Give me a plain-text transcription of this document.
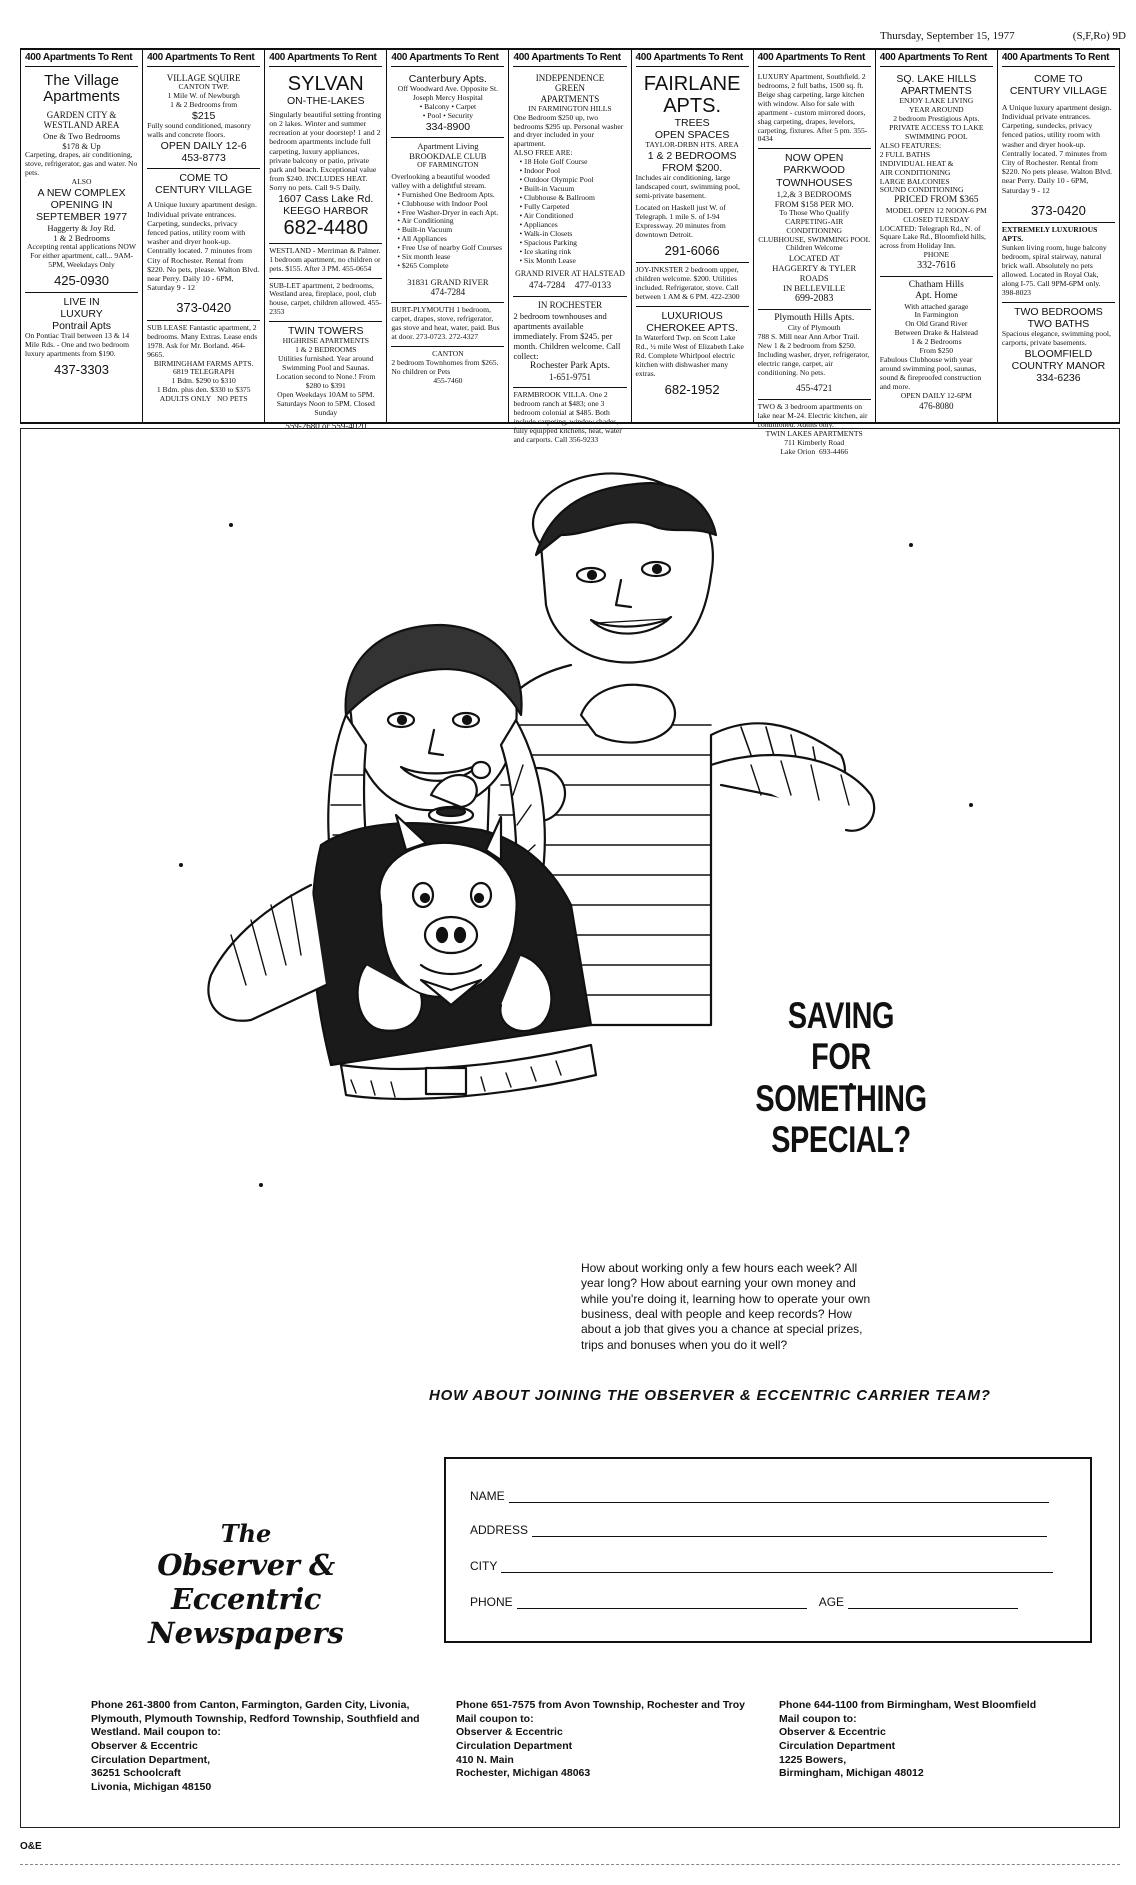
Thursday, September 15, 1977	(S,F,Ro) 9D
400 Apartments To Rent
The Village
Apartments
GARDEN CITY &
WESTLAND AREA
One & Two Bedrooms
$178 & Up
Carpeting, drapes, air conditioning, stove, refrigerator, gas and water. No pets.
ALSO
A NEW COMPLEX
OPENING IN
SEPTEMBER 1977
Haggerty & Joy Rd.
1 & 2 Bedrooms
Accepting rental applications NOW
For either apartment, call... 9AM-5PM, Weekdays Only
425-0930
LIVE IN
LUXURY
Pontrail Apts
On Pontiac Trail between 13 & 14 Mile Rds. - One and two bedroom luxury apartments from $190.
437-3303
400 Apartments To Rent
VILLAGE SQUIRE
CANTON TWP.
1 Mile W. of Newburgh
1 & 2 Bedrooms from
$215
Fully sound conditioned, masonry walls and concrete floors.
OPEN DAILY 12-6
453-8773
COME TO
CENTURY VILLAGE
A Unique luxury apartment design. Individual private entrances. Carpeting, sundecks, privacy fenced patios, utility room with washer and dryer hook-up.
Centrally located. 7 minutes from City of Rochester. Rental from $220. No pets, please. Walton Blvd. near Perry. Daily 10 - 6PM, Saturday 9 - 12
373-0420
SUB LEASE Fantastic apartment, 2 bedrooms. Many Extras. Lease ends 1978. Ask for Mr. Borland. 464-9665.
BIRMINGHAM FARMS APTS.
6819 TELEGRAPH
1 Bdm. $290 to $310
1 Bdm. plus den. $330 to $375
ADULTS ONLY NO PETS
400 Apartments To Rent
SYLVAN
ON-THE-LAKES
Singularly beautiful setting fronting on 2 lakes. Winter and summer recreation at your doorstep! 1 and 2 bedroom apartments include full carpeting, luxury appliances, private balcony or patio, private park and beach. Exceptional value from $240. INCLUDES HEAT. Sorry no pets. Call 9-5 Daily.
1607 Cass Lake Rd.
KEEGO HARBOR
682-4480
WESTLAND - Merriman & Palmer. 1 bedroom apartment, no children or pets. $155. After 3 PM. 455-0654
SUB-LET apartment, 2 bedrooms, Westland area, fireplace, pool, club house, carpet, children allowed. 455-2353
TWIN TOWERS
HIGHRISE APARTMENTS
1 & 2 BEDROOMS
Utilities furnished. Year around Swimming Pool and Saunas. Location second to None.! From $280 to $391
Open Weekdays 10AM to 5PM. Saturdays Noon to 5PM. Closed Sunday
559-2680 or 559-4020
400 Apartments To Rent
Canterbury Apts.
Off Woodward Ave. Opposite St. Joseph Mercy Hospital
• Balcony • Carpet
• Pool • Security
334-8900
Apartment Living
BROOKDALE CLUB
OF FARMINGTON
Overlooking a beautiful wooded valley with a delightful stream.
• Furnished One Bedroom Apts.
• Clubhouse with Indoor Pool
• Free Washer-Dryer in each Apt.
• Air Conditioning
• Built-in Vacuum
• All Appliances
• Free Use of nearby Golf Courses
• Six month lease
• $265 Complete
31831 GRAND RIVER
474-7284
BURT-PLYMOUTH 1 bedroom, carpet, drapes, stove, refrigerator, gas stove and heat, water, paid. Bus at door. 273-0723. 272-4327
CANTON
2 bedroom Townhomes from $265. No children or Pets
455-7460
400 Apartments To Rent
INDEPENDENCE
GREEN
APARTMENTS
IN FARMINGTON HILLS
One Bedroom $250 up, two bedrooms $295 up. Personal washer and dryer included in your apartment.
ALSO FREE ARE:
• 18 Hole Golf Course
• Indoor Pool
• Outdoor Olympic Pool
• Built-in Vacuum
• Clubhouse & Ballroom
• Fully Carpeted
• Air Conditioned
• Appliances
• Walk-in Closets
• Spacious Parking
• Ice skating rink
• Six Month Lease
GRAND RIVER AT HALSTEAD
474-7284 477-0133
IN ROCHESTER
2 bedroom townhouses and apartments available immediately. From $245. per month. Children welcome. Call collect:
Rochester Park Apts.
1-651-9751
FARMBROOK VILLA. One 2 bedroom ranch at $483; one 3 bedroom colonial at $485. Both include carpeting, window shades, fully equipped kitchens, heat, water and carports. Call 356-9233
400 Apartments To Rent
FAIRLANE
APTS.
TREES
OPEN SPACES
TAYLOR-DRBN HTS. AREA
1 & 2 BEDROOMS
FROM $200.
Includes air conditioning, large landscaped court, swimming pool, semi-private basement.
Located on Haskell just W. of Telegraph. 1 mile S. of I-94 Expressway. 20 minutes from downtown Detroit.
291-6066
JOY-INKSTER 2 bedroom upper, children welcome. $200. Utilities included. Refrigerator, stove. Call between 1 AM & 6 PM. 422-2300
LUXURIOUS
CHEROKEE APTS.
In Waterford Twp. on Scott Lake Rd., ½ mile West of Elizabeth Lake Rd. Complete Whirlpool electric kitchen with dishwasher many extras.
682-1952
400 Apartments To Rent
LUXURY Apartment, Southfield. 2 bedrooms, 2 full baths, 1500 sq. ft. Beige shag carpeting, large kitchen with window. Also for sale with apartment - custom mirrored doors, shag carpeting, drapes, levelors, carpeting, fixtures. After 5 pm. 355-0434
NOW OPEN
PARKWOOD
TOWNHOUSES
1,2,& 3 BEDROOMS
FROM $158 PER MO.
To Those Who Qualify
CARPETING-AIR CONDITIONING
CLUBHOUSE, SWIMMING POOL
Children Welcome
LOCATED AT
HAGGERTY & TYLER ROADS
IN BELLEVILLE
699-2083
Plymouth Hills Apts.
City of Plymouth
788 S. Mill near Ann Arbor Trail. New 1 & 2 bedroom from $250. Including washer, dryer, refrigerator, electric range, carpet, air conditioning. No pets.
455-4721
TWO & 3 bedroom apartments on lake near M-24. Electric kitchen, air conditioned. Adults only.
TWIN LAKES APARTMENTS
711 Kimberly Road
Lake Orion 693-4466
400 Apartments To Rent
SQ. LAKE HILLS
APARTMENTS
ENJOY LAKE LIVING
YEAR AROUND
2 bedroom Prestigious Apts.
PRIVATE ACCESS TO LAKE
SWIMMING POOL
ALSO FEATURES:
2 FULL BATHS
INDIVIDUAL HEAT &
AIR CONDITIONING
LARGE BALCONIES
SOUND CONDITIONING
PRICED FROM $365
MODEL OPEN 12 NOON-6 PM
CLOSED TUESDAY
LOCATED: Telegraph Rd., N. of Square Lake Rd., Bloomfield hills, across from Holiday Inn.
PHONE
332-7616
Chatham Hills
Apt. Home
With attached garage
In Farmington
On Old Grand River
Between Drake & Halstead
1 & 2 Bedrooms
From $250
Fabulous Clubhouse with year around swimming pool, saunas, sound & fireproofed construction and more.
OPEN DAILY 12-6PM
476-8080
400 Apartments To Rent
COME TO
CENTURY VILLAGE
A Unique luxury apartment design. Individual private entrances. Carpeting, sundecks, privacy fenced patios, utility room with washer and dryer hook-up.
Centrally located. 7 minutes from City of Rochester. Rental from $220. No pets please. Walton Blvd. near Perry. Daily 10 - 6PM, Saturday 9 - 12
373-0420
EXTREMELY LUXURIOUS APTS.
Sunken living room, huge balcony bedroom, spiral stairway, natural brick wall. Absolutely no pets allowed. Located in Royal Oak, along I-75. Call 9PM-6PM only. 398-8023
TWO BEDROOMS
TWO BATHS
Spacious elegance, swimming pool, carports, private basements.
BLOOMFIELD
COUNTRY MANOR
334-6236
SAVING
FOR
SOMETHING
SPECIAL?
How about working only a few hours each week? All year long? How about earning your own money and while you're doing it, learning how to operate your own business, deal with people and keep records? How about a job that gives you a chance at special prizes, trips and bonuses when you do it well?
HOW ABOUT JOINING THE OBSERVER & ECCENTRIC CARRIER TEAM?
NAME
ADDRESS
CITY
PHONE	AGE
The
Observer & Eccentric
Newspapers
Phone 261-3800 from Canton, Farmington, Garden City, Livonia,
Plymouth, Plymouth Township, Redford Township, Southfield and
Westland. Mail coupon to:
Observer & Eccentric
Circulation Department,
36251 Schoolcraft
Livonia, Michigan 48150
Phone 651-7575 from Avon Township, Rochester and Troy
Mail coupon to:
Observer & Eccentric
Circulation Department
410 N. Main
Rochester, Michigan 48063
Phone 644-1100 from Birmingham, West Bloomfield
Mail coupon to:
Observer & Eccentric
Circulation Department
1225 Bowers,
Birmingham, Michigan 48012
O&E
